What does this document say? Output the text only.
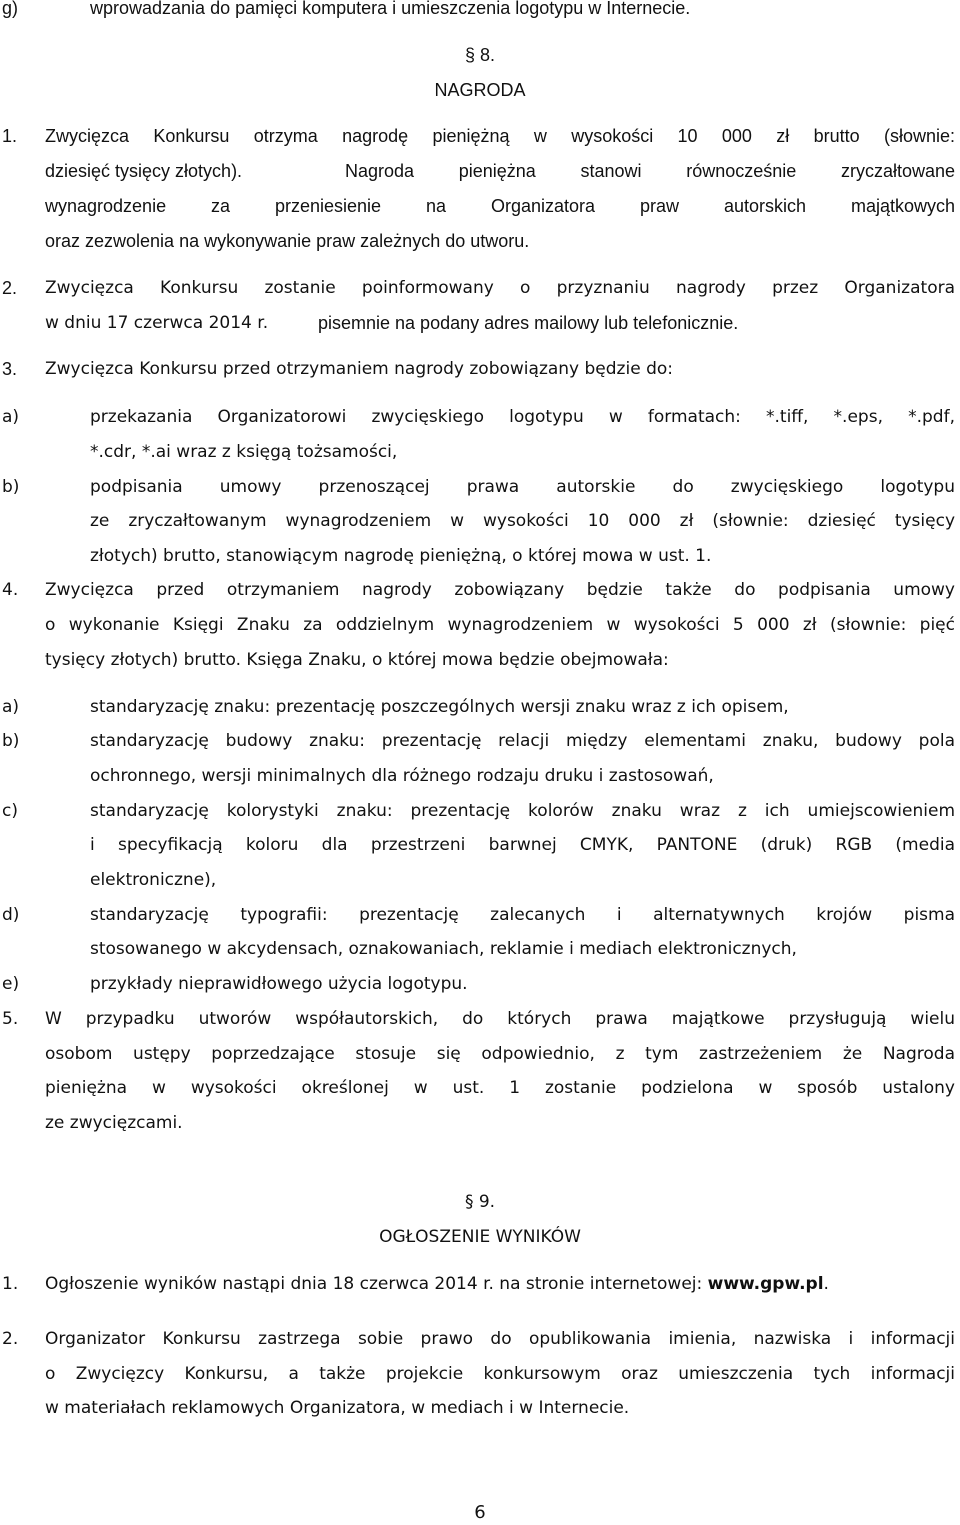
g)	wprowadzania do pamięci komputera i umieszczenia logotypu w Internecie.
§ 8.
NAGRODA
1. Zwycięzca Konkursu otrzyma nagrodę pieniężną w wysokości 10 000 zł brutto (słownie:
dziesięć tysięcy złotych).	Nagroda pieniężna stanowi równocześnie zryczałtowane
wynagrodzenie za przeniesienie na Organizatora praw autorskich majątkowych
oraz zezwolenia na wykonywanie praw zależnych do utworu.
2. Zwycięzca Konkursu zostanie poinformowany o przyznaniu nagrody przez Organizatora
w dniu 17 czerwca 2014 r.	pisemnie na podany adres mailowy lub telefonicznie.
3. Zwycięzca Konkursu przed otrzymaniem nagrody zobowiązany będzie do:
a)	przekazania Organizatorowi zwycięskiego logotypu w formatach: *.tiff, *.eps, *.pdf,
*.cdr, *.ai wraz z księgą tożsamości,
b)	podpisania umowy przenoszącej prawa autorskie do zwycięskiego logotypu
ze zryczałtowanym wynagrodzeniem w wysokości 10 000 zł (słownie: dziesięć tysięcy
złotych) brutto, stanowiącym nagrodę pieniężną, o której mowa w ust. 1.
4. Zwycięzca przed otrzymaniem nagrody zobowiązany będzie także do podpisania umowy
o wykonanie Księgi Znaku za oddzielnym wynagrodzeniem w wysokości 5 000 zł (słownie: pięć
tysięcy złotych) brutto. Księga Znaku, o której mowa będzie obejmowała:
a)	standaryzację znaku: prezentację poszczególnych wersji znaku wraz z ich opisem,
b)	standaryzację budowy znaku: prezentację relacji między elementami znaku, budowy pola
ochronnego, wersji minimalnych dla różnego rodzaju druku i zastosowań,
c)	standaryzację kolorystyki znaku: prezentację kolorów znaku wraz z ich umiejscowieniem
i specyfikacją koloru dla przestrzeni barwnej CMYK, PANTONE (druk) RGB (media
elektroniczne),
d)	standaryzację typografii: prezentację zalecanych i alternatywnych krojów pisma
stosowanego w akcydensach, oznakowaniach, reklamie i mediach elektronicznych,
e)	przykłady nieprawidłowego użycia logotypu.
5. W przypadku utworów współautorskich, do których prawa majątkowe przysługują wielu
osobom ustępy poprzedzające stosuje się odpowiednio, z tym zastrzeżeniem że Nagroda
pieniężna w wysokości określonej w ust. 1 zostanie podzielona w sposób ustalony
ze zwycięzcami.
§ 9.
OGŁOSZENIE WYNIKÓW
1. Ogłoszenie wyników nastąpi dnia 18 czerwca 2014 r. na stronie internetowej: www.gpw.pl.
2. Organizator Konkursu zastrzega sobie prawo do opublikowania imienia, nazwiska i informacji
o Zwycięzcy Konkursu, a także projekcie konkursowym oraz umieszczenia tych informacji
w materiałach reklamowych Organizatora, w mediach i w Internecie.
6
